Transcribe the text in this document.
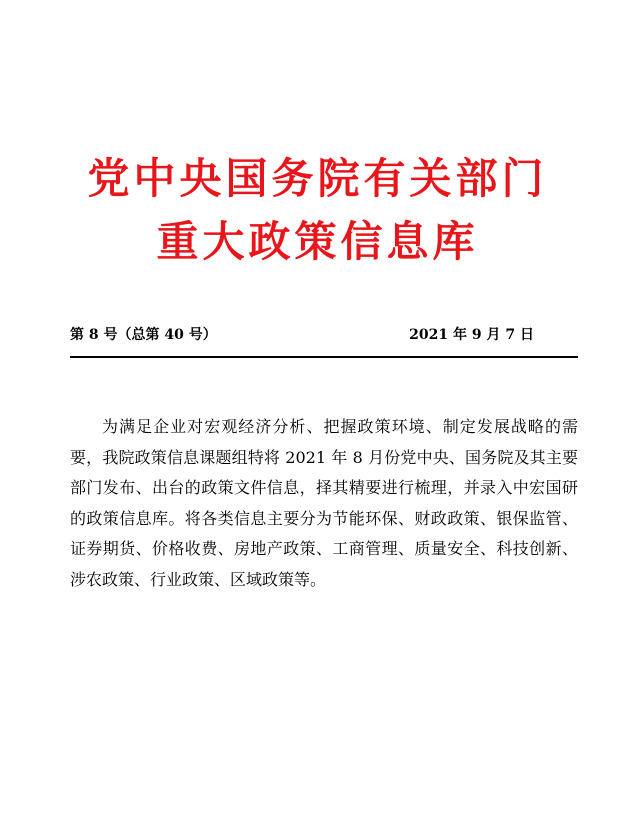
党中央国务院有关部门
重大政策信息库
第 8 号（总第 40 号）	2021 年 9 月 7 日

为满足企业对宏观经济分析、把握政策环境、制定发展战略的需要，我院政策信息课题组特将 2021 年 8 月份党中央、国务院及其主要部门发布、出台的政策文件信息，择其精要进行梳理，并录入中宏国研的政策信息库。将各类信息主要分为节能环保、财政政策、银保监管、证券期货、价格收费、房地产政策、工商管理、质量安全、科技创新、涉农政策、行业政策、区域政策等。
